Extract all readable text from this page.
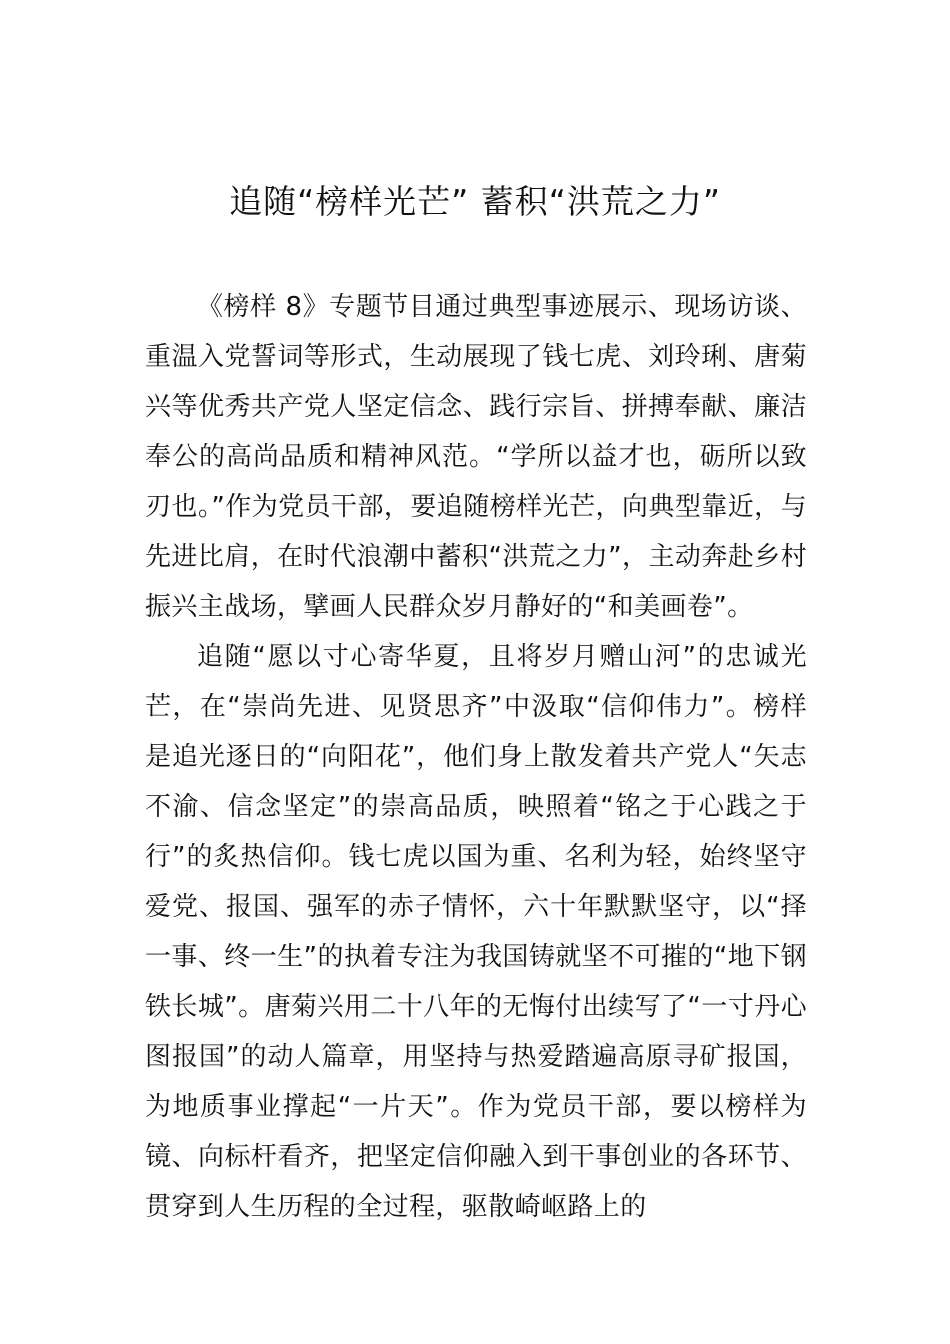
追随“榜样光芒” 蓄积“洪荒之力”

《榜样 8》专题节目通过典型事迹展示、现场访谈、重温入党誓词等形式，生动展现了钱七虎、刘玲琍、唐菊兴等优秀共产党人坚定信念、践行宗旨、拼搏奉献、廉洁奉公的高尚品质和精神风范。“学所以益才也，砺所以致刃也。”作为党员干部，要追随榜样光芒，向典型靠近，与先进比肩，在时代浪潮中蓄积“洪荒之力”，主动奔赴乡村振兴主战场，擘画人民群众岁月静好的“和美画卷”。

追随“愿以寸心寄华夏，且将岁月赠山河”的忠诚光芒，在“崇尚先进、见贤思齐”中汲取“信仰伟力”。榜样是追光逐日的“向阳花”，他们身上散发着共产党人“矢志不渝、信念坚定”的崇高品质，映照着“铭之于心践之于行”的炙热信仰。钱七虎以国为重、名利为轻，始终坚守爱党、报国、强军的赤子情怀，六十年默默坚守，以“择一事、终一生”的执着专注为我国铸就坚不可摧的“地下钢铁长城”。唐菊兴用二十八年的无悔付出续写了“一寸丹心图报国”的动人篇章，用坚持与热爱踏遍高原寻矿报国，为地质事业撑起“一片天”。作为党员干部，要以榜样为镜、向标杆看齐，把坚定信仰融入到干事创业的各环节、贯穿到人生历程的全过程，驱散崎岖路上的
